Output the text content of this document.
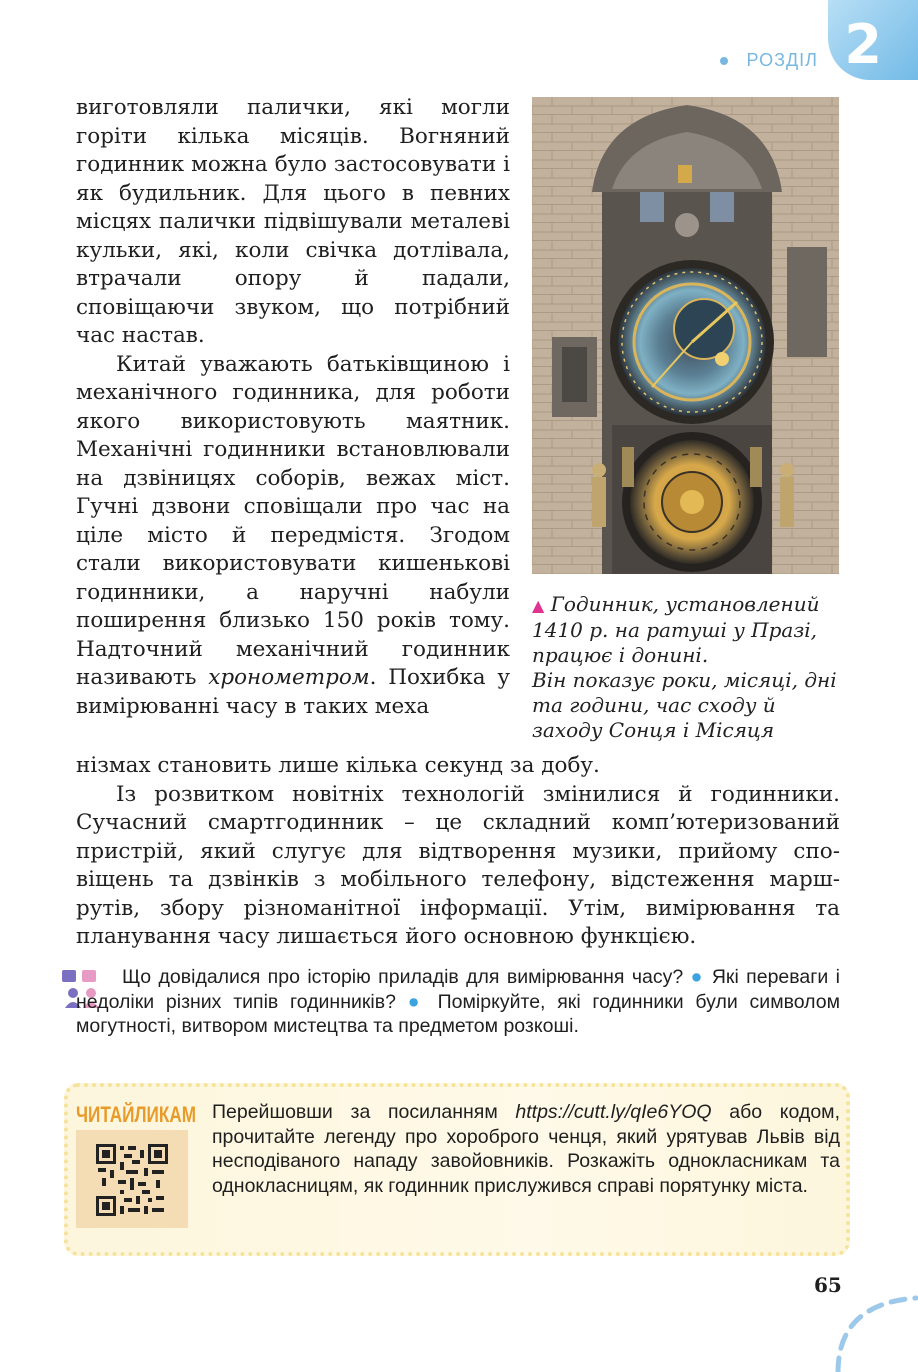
2
РОЗДІЛ

виготовляли палички, які могли горіти кілька місяців. Вогняний годинник можна було застосовувати і як будильник. Для цього в певних місцях палички підвішували металеві кульки, які, коли свічка дотлівала, втрачали опору й падали, сповіщаючи звуком, що потрібний час настав.

Китай уважають батьківщиною і механічного годинника, для роботи якого використовують маятник. Механічні годинники встановлювали на дзвіницях соборів, вежах міст. Гучні дзвони сповіщали про час на ціле місто й передмістя. Згодом стали використовувати кишенькові годинники, а наручні набули поширення близько 150 років тому. Надточний механічний годинник називають хронометром. Похибка у вимірюванні часу в таких меха

нізмах становить лише кілька секунд за добу.

Із розвитком новітніх технологій змінилися й годинники. Сучасний смартгодинник – це складний комп’ютеризований пристрій, який слугує для відтворення музики, прийому сповіщень та дзвінків з мобільного телефону, відстеження маршрутів, збору різноманітної інформації. Утім, вимірювання та планування часу лишається його основною функцією.

▲ Годинник, установлений 1410 р. на ратуші у Празі, працює і донині.

Він показує роки, місяці, дні та години, час сходу й заходу Сонця і Місяця

Що довідалися про історію приладів для вимірювання часу? ● Які переваги і недоліки різних типів годинників? ● Поміркуйте, які годинники були символом могутності, витвором мистецтва та предметом розкоші.
ЧИТАЙЛИКАМ Перейшовши за посиланням https://cutt.ly/qIe6YOQ або кодом, прочитайте легенду про хороброго ченця, який урятував Львів від несподіваного нападу завойовників. Розкажіть однокласникам та однокласницям, як годинник прислужився справі порятунку міста.
65
